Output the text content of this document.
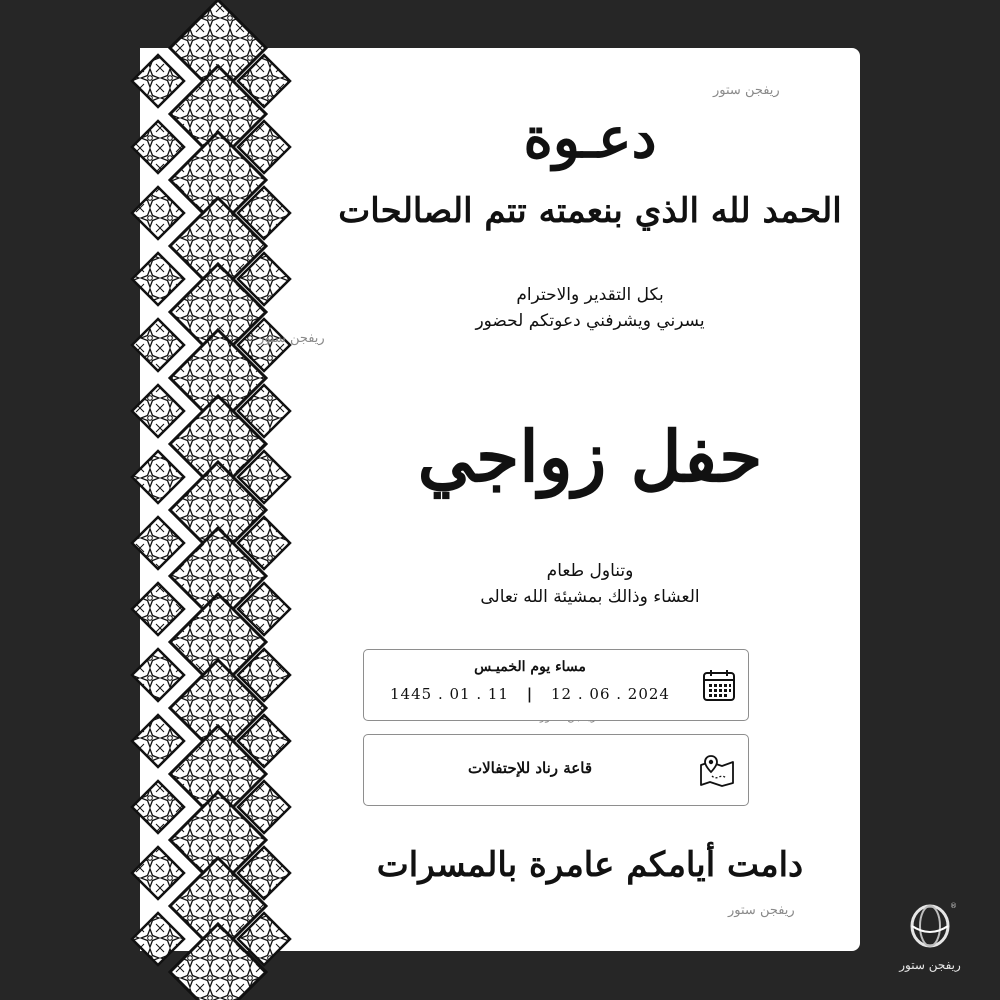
ريفجن ستور
ريفجن ستور
ريفجن ستور
دعـوة
الحمد لله الذي بنعمته تتم الصالحات
بكل التقدير والاحترام
يسرني ويشرفني دعوتكم لحضور
حفل زواجي
وتناول طعام
العشاء وذالك بمشيئة الله تعالى
مساء يوم الخميـس
1445 . 01 . 11 | 12 . 06 . 2024
قاعة رناد للإحتفالات
دامت أيامكم عامرة بالمسرات
®
ريفجن ستور
